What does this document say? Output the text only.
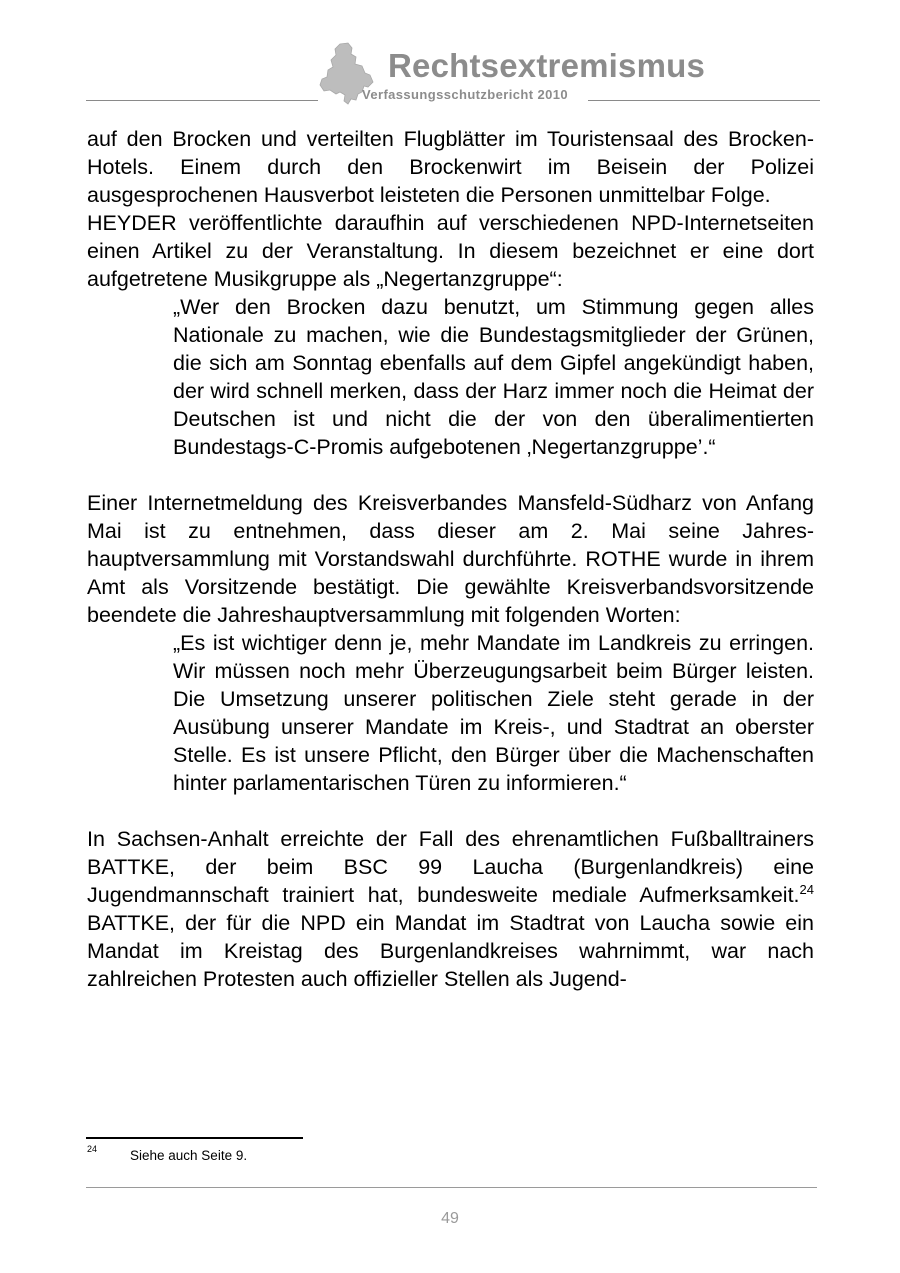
Rechtsextremismus
Verfassungsschutzbericht 2010

auf den Brocken und verteilten Flugblätter im Touristensaal des Brocken-Hotels. Einem durch den Brockenwirt im Beisein der Polizei ausgesprochenen Hausverbot leisteten die Personen unmittelbar Folge.

HEYDER veröffentlichte daraufhin auf verschiedenen NPD-Internetseiten einen Artikel zu der Veranstaltung. In diesem bezeichnet er eine dort aufgetretene Musikgruppe als „Negertanzgruppe“:

„Wer den Brocken dazu benutzt, um Stimmung gegen alles Nationale zu machen, wie die Bundestagsmitglieder der Grünen, die sich am Sonntag ebenfalls auf dem Gipfel angekündigt haben, der wird schnell merken, dass der Harz immer noch die Heimat der Deutschen ist und nicht die der von den überalimentierten Bundestags-C-Promis aufgebotenen ‚Negertanzgruppe’.“

Einer Internetmeldung des Kreisverbandes Mansfeld-Südharz von Anfang Mai ist zu entnehmen, dass dieser am 2. Mai seine Jahreshauptversammlung mit Vorstandswahl durchführte. ROTHE wurde in ihrem Amt als Vorsitzende bestätigt. Die gewählte Kreisverbandsvorsitzende beendete die Jahreshauptversammlung mit folgenden Worten:

„Es ist wichtiger denn je, mehr Mandate im Landkreis zu erringen. Wir müssen noch mehr Überzeugungsarbeit beim Bürger leisten. Die Umsetzung unserer politischen Ziele steht gerade in der Ausübung unserer Mandate im Kreis-, und Stadtrat an oberster Stelle. Es ist unsere Pflicht, den Bürger über die Machenschaften hinter parlamentarischen Türen zu informieren.“

In Sachsen-Anhalt erreichte der Fall des ehrenamtlichen Fußballtrainers BATTKE, der beim BSC 99 Laucha (Burgenlandkreis) eine Jugendmannschaft trainiert hat, bundesweite mediale Aufmerksamkeit.$^{24}$ BATTKE, der für die NPD ein Mandat im Stadtrat von Laucha sowie ein Mandat im Kreistag des Burgenlandkreises wahrnimmt, war nach zahlreichen Protesten auch offizieller Stellen als Jugend-

24 Siehe auch Seite 9.
49
